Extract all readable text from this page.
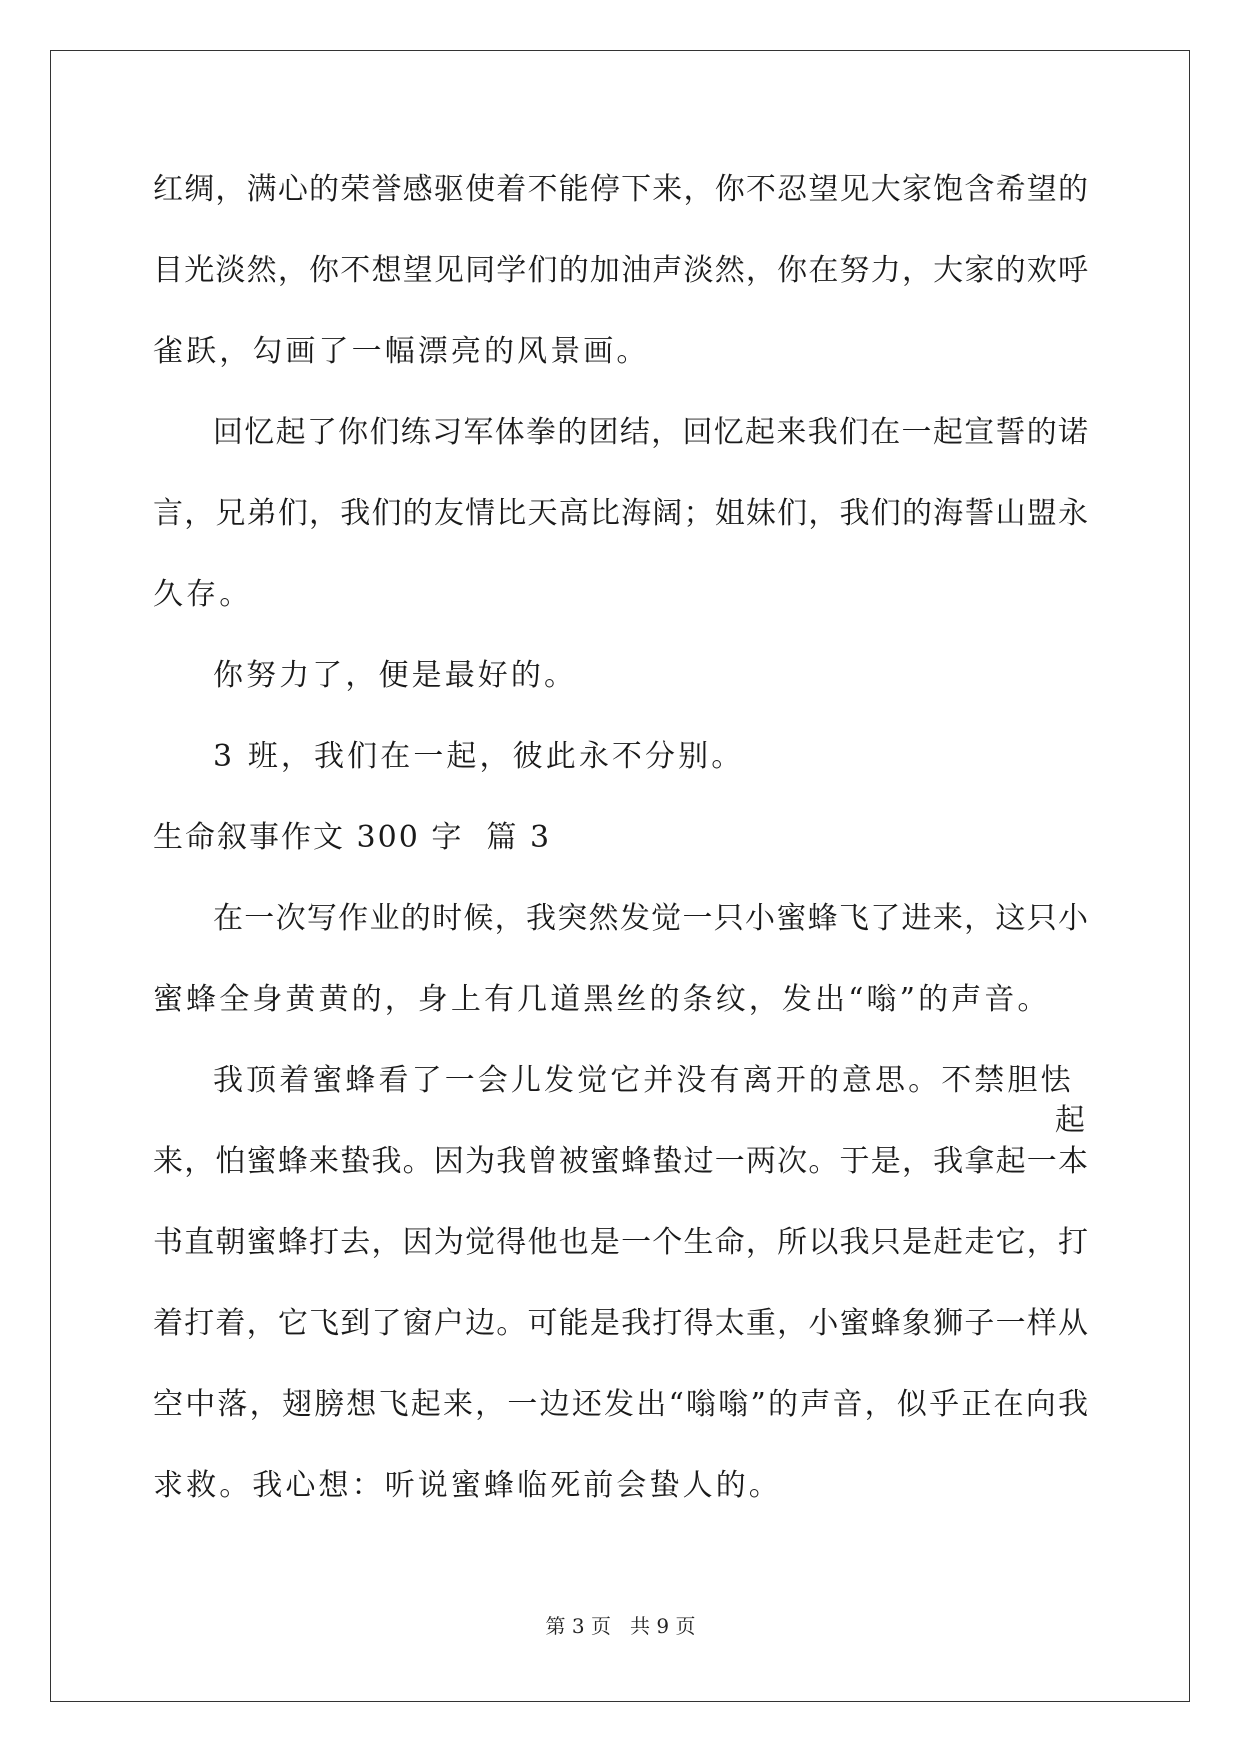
红绸，满心的荣誉感驱使着不能停下来，你不忍望见大家饱含希望的
目光淡然，你不想望见同学们的加油声淡然，你在努力，大家的欢呼
雀跃，勾画了一幅漂亮的风景画。
回忆起了你们练习军体拳的团结，回忆起来我们在一起宣誓的诺
言，兄弟们，我们的友情比天高比海阔；姐妹们，我们的海誓山盟永
久存。
你努力了，便是最好的。
3 班，我们在一起，彼此永不分别。
生命叙事作文 300 字  篇 3
在一次写作业的时候，我突然发觉一只小蜜蜂飞了进来，这只小
蜜蜂全身黄黄的，身上有几道黑丝的条纹，发出“嗡”的声音。
我顶着蜜蜂看了一会儿发觉它并没有离开的意思。不禁胆怯
起
来，怕蜜蜂来蛰我。因为我曾被蜜蜂蛰过一两次。于是，我拿起一本
书直朝蜜蜂打去，因为觉得他也是一个生命，所以我只是赶走它，打
着打着，它飞到了窗户边。可能是我打得太重，小蜜蜂象狮子一样从
空中落，翅膀想飞起来，一边还发出“嗡嗡”的声音，似乎正在向我
求救。我心想：听说蜜蜂临死前会蛰人的。
第 3 页   共 9 页
